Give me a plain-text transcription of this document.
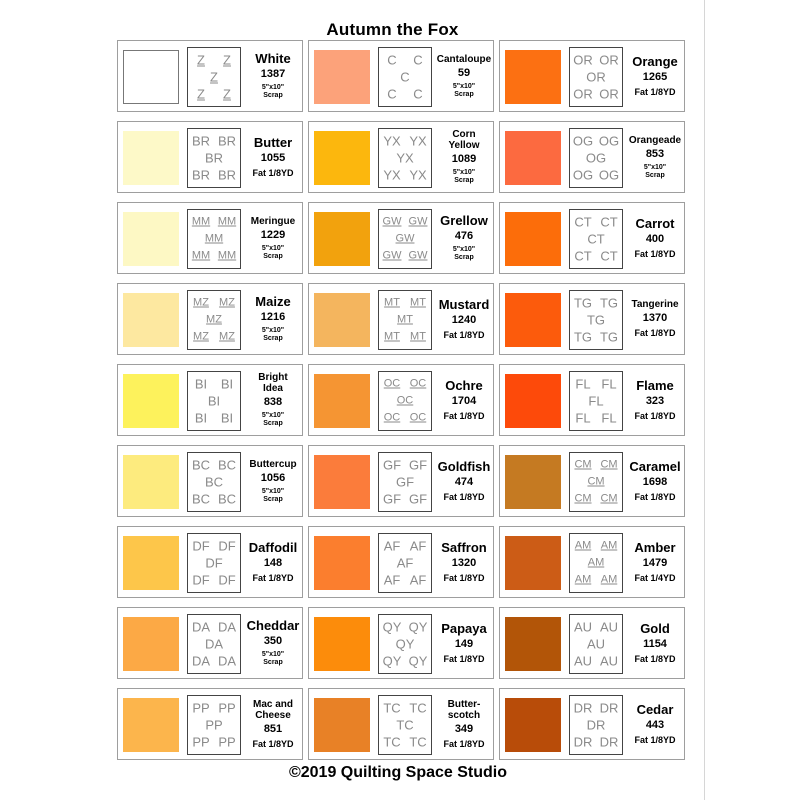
Autumn the Fox
Z Z
Z
Z Z
White
1387
5"x10"
Scrap
C C
C
C C
Cantaloupe
59
5"x10"
Scrap
OR OR
OR
OR OR
Orange
1265
Fat 1/8YD
BR BR
BR
BR BR
Butter
1055
Fat 1/8YD
YX YX
YX
YX YX
Corn
Yellow
1089
5"x10"
Scrap
OG OG
OG
OG OG
Orangeade
853
5"x10"
Scrap
MM MM
MM
MM MM
Meringue
1229
5"x10"
Scrap
GW GW
GW
GW GW
Grellow
476
5"x10"
Scrap
CT CT
CT
CT CT
Carrot
400
Fat 1/8YD
MZ MZ
MZ
MZ MZ
Maize
1216
5"x10"
Scrap
MT MT
MT
MT MT
Mustard
1240
Fat 1/8YD
TG TG
TG
TG TG
Tangerine
1370
Fat 1/8YD
BI BI
BI
BI BI
Bright
Idea
838
5"x10"
Scrap
OC OC
OC
OC OC
Ochre
1704
Fat 1/8YD
FL FL
FL
FL FL
Flame
323
Fat 1/8YD
BC BC
BC
BC BC
Buttercup
1056
5"x10"
Scrap
GF GF
GF
GF GF
Goldfish
474
Fat 1/8YD
CM CM
CM
CM CM
Caramel
1698
Fat 1/8YD
DF DF
DF
DF DF
Daffodil
148
Fat 1/8YD
AF AF
AF
AF AF
Saffron
1320
Fat 1/8YD
AM AM
AM
AM AM
Amber
1479
Fat 1/4YD
DA DA
DA
DA DA
Cheddar
350
5"x10"
Scrap
QY QY
QY
QY QY
Papaya
149
Fat 1/8YD
AU AU
AU
AU AU
Gold
1154
Fat 1/8YD
PP PP
PP
PP PP
Mac and
Cheese
851
Fat 1/8YD
TC TC
TC
TC TC
Butter-
scotch
349
Fat 1/8YD
DR DR
DR
DR DR
Cedar
443
Fat 1/8YD
©2019 Quilting Space Studio
